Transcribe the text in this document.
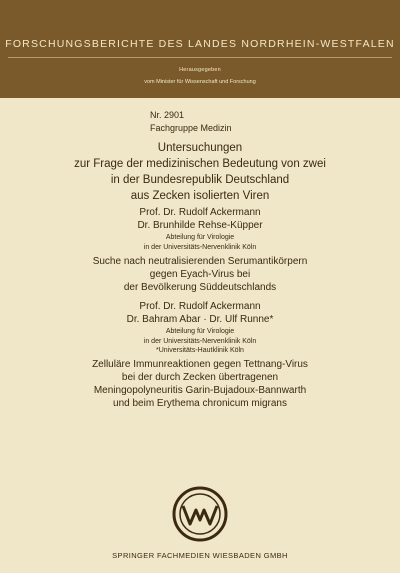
FORSCHUNGSBERICHTE DES LANDES NORDRHEIN-WESTFALEN
Herausgegeben
vom Minister für Wissenschaft und Forschung
Nr. 2901
Fachgruppe Medizin
Untersuchungen
zur Frage der medizinischen Bedeutung von zwei
in der Bundesrepublik Deutschland
aus Zecken isolierten Viren
Prof. Dr. Rudolf Ackermann
Dr. Brunhilde Rehse-Küpper
Abteilung für Virologie
in der Universitäts-Nervenklinik Köln
Suche nach neutralisierenden Serumantikörpern
gegen Eyach-Virus bei
der Bevölkerung Süddeutschlands
Prof. Dr. Rudolf Ackermann
Dr. Bahram Abar · Dr. Ulf Runne*
Abteilung für Virologie
in der Universitäts-Nervenklinik Köln
*Universitäts-Hautklinik Köln
Zelluläre Immunreaktionen gegen Tettnang-Virus
bei der durch Zecken übertragenen
Meningopolyneuritis Garin-Bujadoux-Bannwarth
und beim Erythema chronicum migrans
SPRINGER FACHMEDIEN WIESBADEN GMBH
